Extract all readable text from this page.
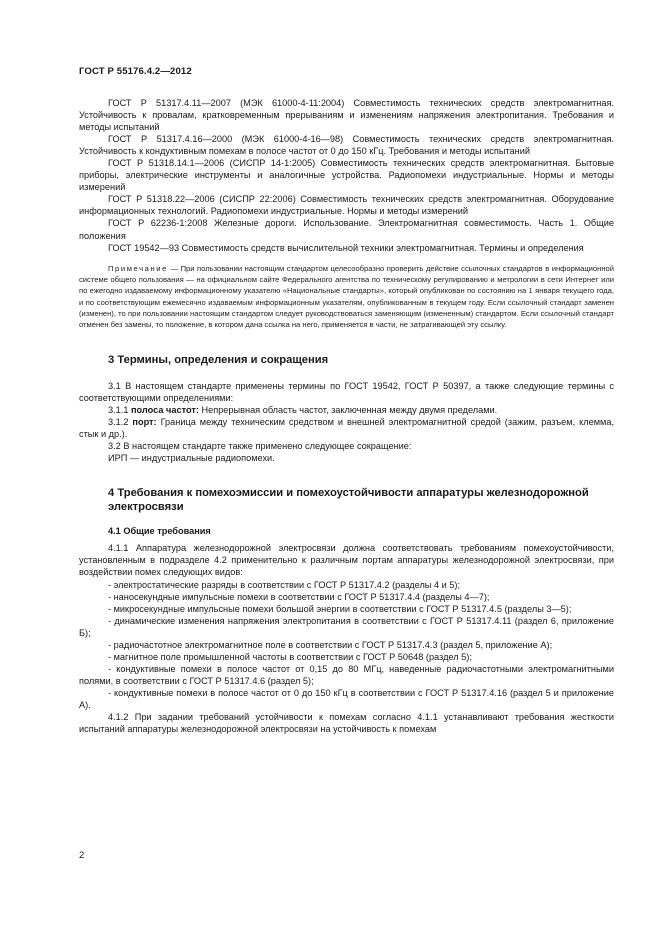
ГОСТ Р 55176.4.2—2012

ГОСТ Р 51317.4.11—2007 (МЭК 61000-4-11:2004) Совместимость технических средств электромагнитная. Устойчивость к провалам, кратковременным прерываниям и изменениям напряжения электропитания. Требования и методы испытаний

ГОСТ Р 51317.4.16—2000 (МЭК 61000-4-16—98) Совместимость технических средств электромагнитная. Устойчивость к кондуктивным помехам в полосе частот от 0 до 150 кГц. Требования и методы испытаний

ГОСТ Р 51318.14.1—2006 (СИСПР 14-1:2005) Совместимость технических средств электромагнитная. Бытовые приборы, электрические инструменты и аналогичные устройства. Радиопомехи индустриальные. Нормы и методы измерений

ГОСТ Р 51318.22—2006 (СИСПР 22:2006) Совместимость технических средств электромагнитная. Оборудование информационных технологий. Радиопомехи индустриальные. Нормы и методы измерений

ГОСТ Р 62236-1:2008 Железные дороги. Использование. Электромагнитная совместимость. Часть 1. Общие положения

ГОСТ 19542—93 Совместимость средств вычислительной техники электромагнитная. Термины и определения

Примечание — При пользовании настоящим стандартом целесообразно проверить действие ссылочных стандартов в информационной системе общего пользования — на официальном сайте Федерального агентства по техническому регулированию и метрологии в сети Интернет или по ежегодно издаваемому информационному указателю «Национальные стандарты», который опубликован по состоянию на 1 января текущего года, и по соответствующим ежемесячно издаваемым информационным указателям, опубликованным в текущем году. Если ссылочный стандарт заменен (изменен), то при пользовании настоящим стандартом следует руководствоваться заменяющим (измененным) стандартом. Если ссылочный стандарт отменен без замены, то положение, в котором дана ссылка на него, применяется в части, не затрагивающей эту ссылку.

3 Термины, определения и сокращения

3.1 В настоящем стандарте применены термины по ГОСТ 19542, ГОСТ Р 50397, а также следующие термины с соответствующими определениями:

3.1.1 полоса частот: Непрерывная область частот, заключенная между двумя пределами.

3.1.2 порт: Граница между техническим средством и внешней электромагнитной средой (зажим, разъем, клемма, стык и др.).

3.2 В настоящем стандарте также применено следующее сокращение:

ИРП — индустриальные радиопомехи.

4 Требования к помехоэмиссии и помехоустойчивости аппаратуры железнодорожной электросвязи

4.1 Общие требования

4.1.1 Аппаратура железнодорожной электросвязи должна соответствовать требованиям помехоустойчивости, установленным в подразделе 4.2 применительно к различным портам аппаратуры железнодорожной электросвязи, при воздействии помех следующих видов:

- электростатические разряды в соответствии с ГОСТ Р 51317.4.2 (разделы 4 и 5);

- наносекундные импульсные помехи в соответствии с ГОСТ Р 51317.4.4 (разделы 4—7);

- микросекундные импульсные помехи большой энергии в соответствии с ГОСТ Р 51317.4.5 (разделы 3—5);

- динамические изменения напряжения электропитания в соответствии с ГОСТ Р 51317.4.11 (раздел 6, приложение Б);

- радиочастотное электромагнитное поле в соответствии с ГОСТ Р 51317.4.3 (раздел 5, приложение А);

- магнитное поле промышленной частоты в соответствии с ГОСТ Р 50648 (раздел 5);

- кондуктивные помехи в полосе частот от 0,15 до 80 МГц, наведенные радиочастотными электромагнитными полями, в соответствии с ГОСТ Р 51317.4.6 (раздел 5);

- кондуктивные помехи в полосе частот от 0 до 150 кГц в соответствии с ГОСТ Р 51317.4.16 (раздел 5 и приложение А).

4.1.2 При задании требований устойчивости к помехам согласно 4.1.1 устанавливают требования жесткости испытаний аппаратуры железнодорожной электросвязи на устойчивость к помехам

2
